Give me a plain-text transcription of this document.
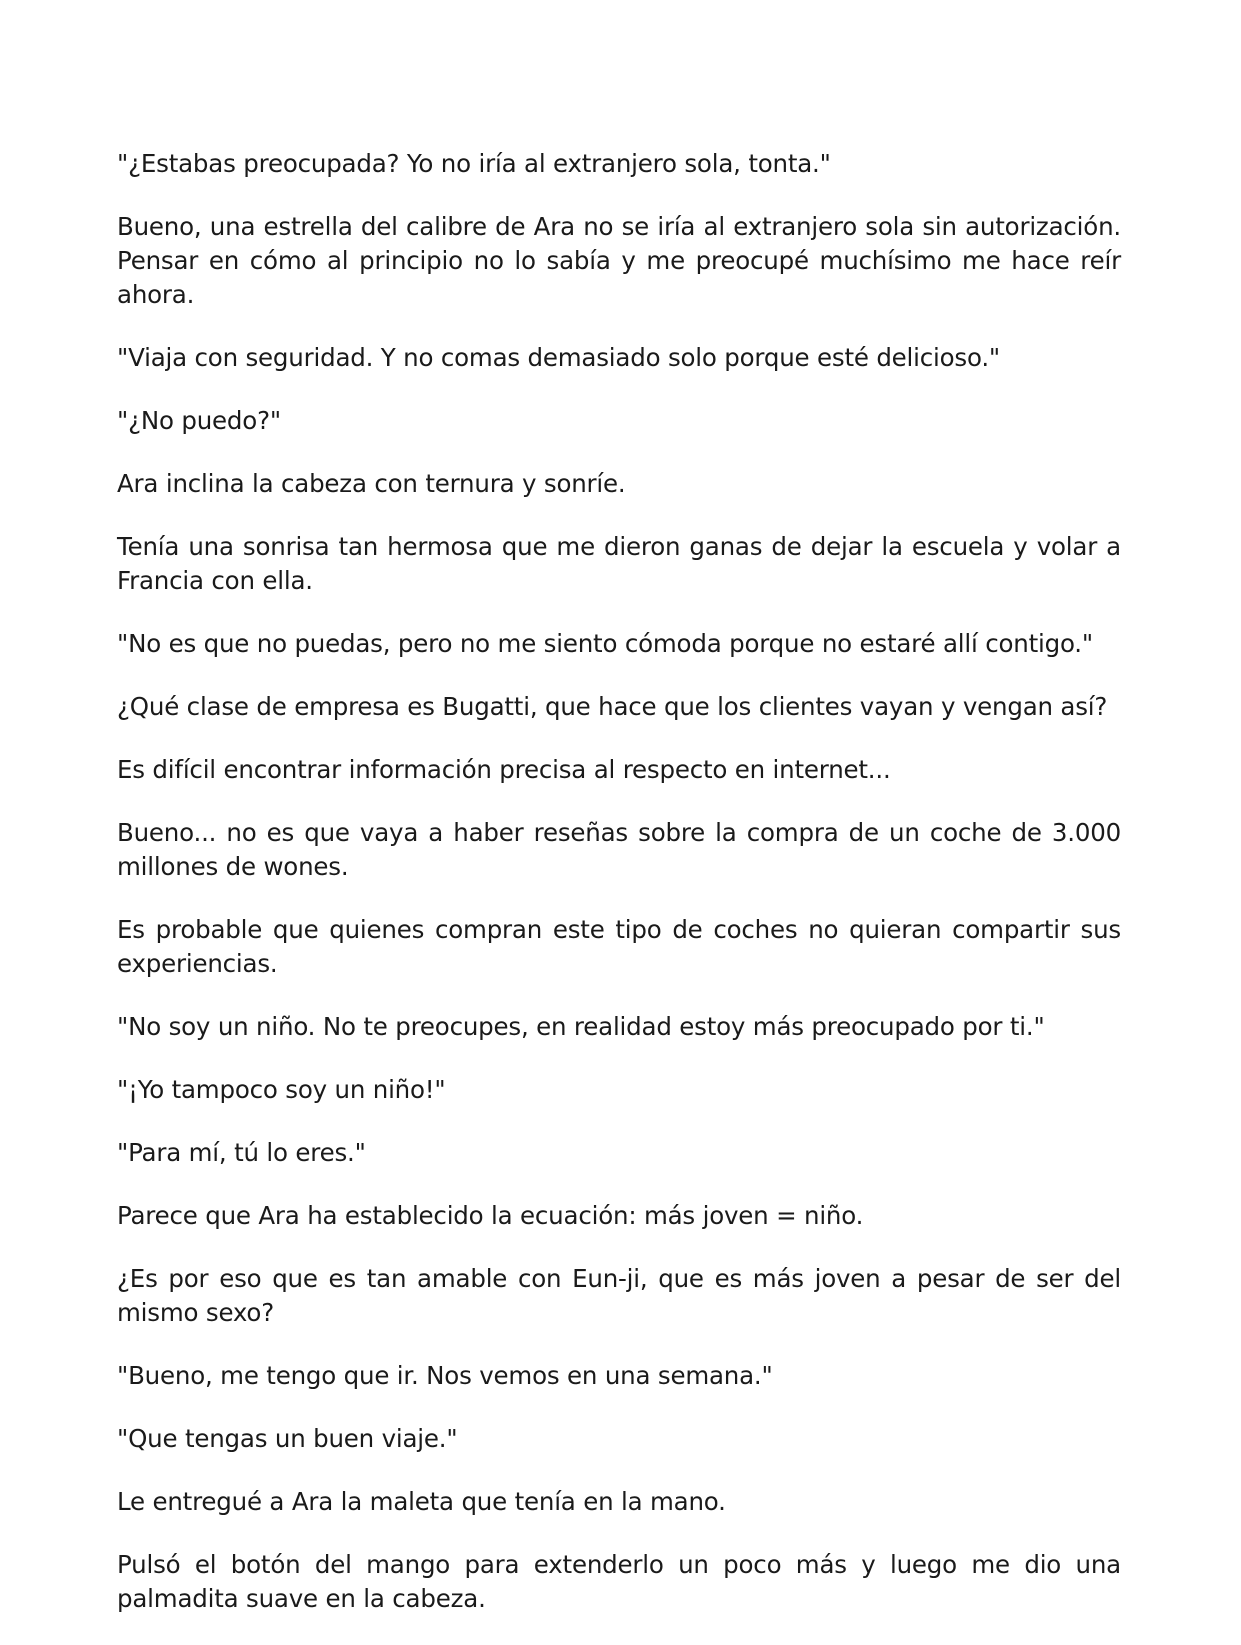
"¿Estabas preocupada? Yo no iría al extranjero sola, tonta."

Bueno, una estrella del calibre de Ara no se iría al extranjero sola sin autorización. Pensar en cómo al principio no lo sabía y me preocupé muchísimo me hace reír ahora.

"Viaja con seguridad. Y no comas demasiado solo porque esté delicioso."

"¿No puedo?"

Ara inclina la cabeza con ternura y sonríe.

Tenía una sonrisa tan hermosa que me dieron ganas de dejar la escuela y volar a Francia con ella.

"No es que no puedas, pero no me siento cómoda porque no estaré allí contigo."

¿Qué clase de empresa es Bugatti, que hace que los clientes vayan y vengan así?

Es difícil encontrar información precisa al respecto en internet...

Bueno... no es que vaya a haber reseñas sobre la compra de un coche de 3.000 millones de wones.

Es probable que quienes compran este tipo de coches no quieran compartir sus experiencias.

"No soy un niño. No te preocupes, en realidad estoy más preocupado por ti."

"¡Yo tampoco soy un niño!"

"Para mí, tú lo eres."

Parece que Ara ha establecido la ecuación: más joven = niño.

¿Es por eso que es tan amable con Eun-ji, que es más joven a pesar de ser del mismo sexo?

"Bueno, me tengo que ir. Nos vemos en una semana."

"Que tengas un buen viaje."

Le entregué a Ara la maleta que tenía en la mano.

Pulsó el botón del mango para extenderlo un poco más y luego me dio una palmadita suave en la cabeza.
